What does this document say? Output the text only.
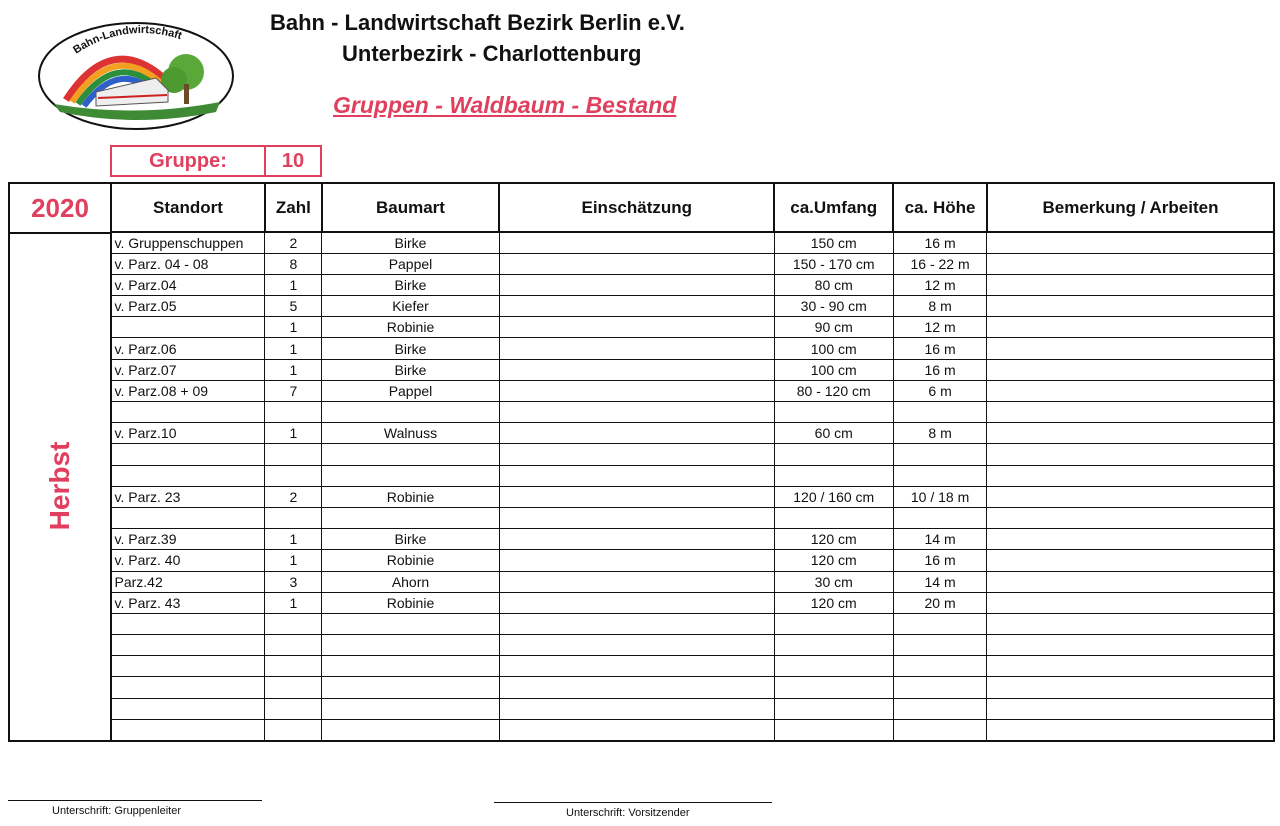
Bahn-Landwirtschaft
Bahn - Landwirtschaft Bezirk Berlin e.V.
Unterbezirk - Charlottenburg
Gruppen - Waldbaum - Bestand
Gruppe:	10
2020
Herbst
Standort	Zahl	Baumart	Einschätzung	ca.Umfang	ca. Höhe	Bemerkung / Arbeiten
v. Gruppenschuppen	2	Birke		150 cm	16 m	
v. Parz. 04 - 08	8	Pappel		150 - 170 cm	16 - 22 m	
v. Parz.04	1	Birke		80 cm	12 m	
v. Parz.05	5	Kiefer		30 - 90 cm	8 m	
	1	Robinie		90 cm	12 m	
v. Parz.06	1	Birke		100 cm	16 m	
v. Parz.07	1	Birke		100 cm	16 m	
v. Parz.08 + 09	7	Pappel		80 - 120 cm	6 m	

v. Parz.10	1	Walnuss		60 cm	8 m	

v. Parz. 23	2	Robinie		120 / 160 cm	10 / 18 m	

v. Parz.39	1	Birke		120 cm	14 m	
v. Parz. 40	1	Robinie		120 cm	16 m	
Parz.42	3	Ahorn		30 cm	14 m	
v. Parz. 43	1	Robinie		120 cm	20 m	

Unterschrift: Gruppenleiter	Unterschrift: Vorsitzender
